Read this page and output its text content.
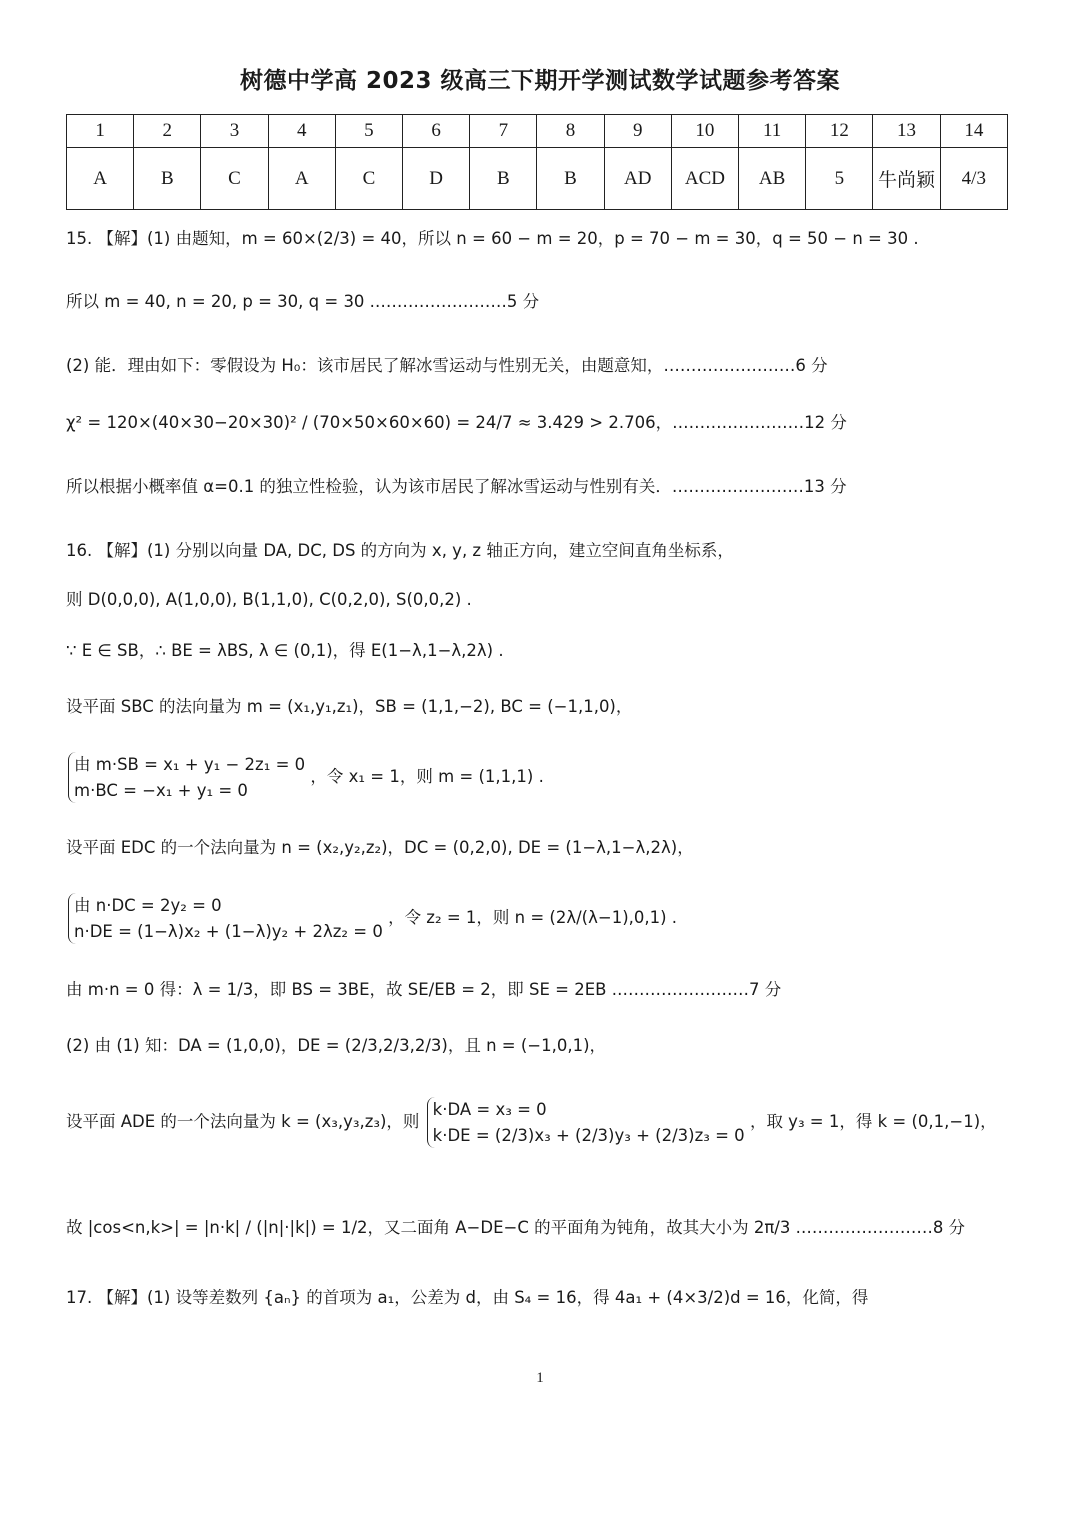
树德中学高 2023 级高三下期开学测试数学试题参考答案
1	2	3	4	5	6	7	8	9	10	11	12	13	14
A	B	C	A	C	D	B	B	AD	ACD	AB	5	牛尚颖	4/3
15. 【解】(1) 由题知，m = 60×(2/3) = 40，所以 n = 60 − m = 20，p = 70 − m = 30，q = 50 − n = 30 .
所以 m = 40, n = 20, p = 30, q = 30 .……………………5 分
(2) 能．理由如下：零假设为 H₀：该市居民了解冰雪运动与性别无关，由题意知，……………………6 分
χ² = 120×(40×30−20×30)² / (70×50×60×60) = 24/7 ≈ 3.429 > 2.706，……………………12 分
所以根据小概率值 α=0.1 的独立性检验，认为该市居民了解冰雪运动与性别有关．……………………13 分
16. 【解】(1) 分别以向量 DA, DC, DS 的方向为 x, y, z 轴正方向，建立空间直角坐标系，
则 D(0,0,0), A(1,0,0), B(1,1,0), C(0,2,0), S(0,0,2) .
∵ E ∈ SB，∴ BE = λBS, λ ∈ (0,1)，得 E(1−λ,1−λ,2λ) .
设平面 SBC 的法向量为 m = (x₁,y₁,z₁)，SB = (1,1,−2), BC = (−1,1,0)，
由 m·SB = x₁ + y₁ − 2z₁ = 0
m·BC = −x₁ + y₁ = 0
，令 x₁ = 1，则 m = (1,1,1) .
设平面 EDC 的一个法向量为 n = (x₂,y₂,z₂)，DC = (0,2,0), DE = (1−λ,1−λ,2λ)，
由 n·DC = 2y₂ = 0
n·DE = (1−λ)x₂ + (1−λ)y₂ + 2λz₂ = 0
，令 z₂ = 1，则 n = (2λ/(λ−1),0,1) .
由 m·n = 0 得：λ = 1/3，即 BS = 3BE，故 SE/EB = 2，即 SE = 2EB .……………………7 分
(2) 由 (1) 知：DA = (1,0,0)，DE = (2/3,2/3,2/3)，且 n = (−1,0,1)，
设平面 ADE 的一个法向量为 k = (x₃,y₃,z₃)，则
k·DA = x₃ = 0
k·DE = (2/3)x₃ + (2/3)y₃ + (2/3)z₃ = 0
，取 y₃ = 1，得 k = (0,1,−1)，
故 |cos<n,k>| = |n·k| / (|n|·|k|) = 1/2，又二面角 A−DE−C 的平面角为钝角，故其大小为 2π/3 .……………………8 分
17. 【解】(1) 设等差数列 {aₙ} 的首项为 a₁，公差为 d，由 S₄ = 16，得 4a₁ + (4×3/2)d = 16，化简，得
1
